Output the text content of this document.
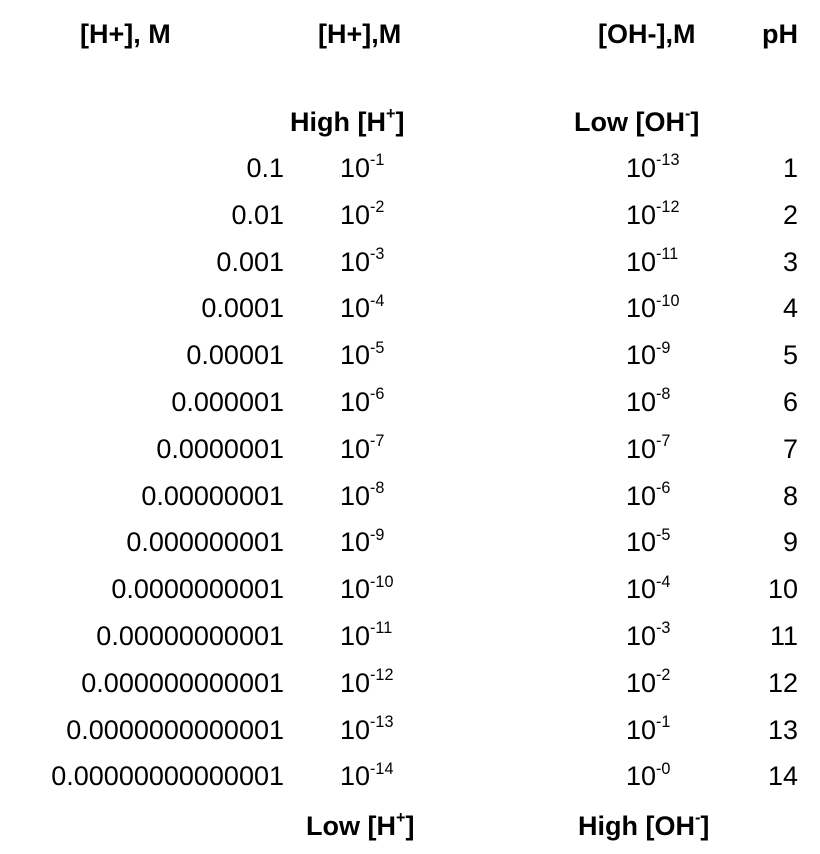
[H+], M	[H+],M	[OH-],M pH
High [H+]	Low [OH-]
0.1 $10^{-1}$	$10^{-13}$	1
0.01 $10^{-2}$	$10^{-12}$	2
0.001 $10^{-3}$	$10^{-11}$	3
0.0001 $10^{-4}$	$10^{-10}$	4
0.00001 $10^{-5}$	$10^{-9}$	5
0.000001 $10^{-6}$	$10^{-8}$	6
0.0000001 $10^{-7}$	$10^{-7}$	7
0.00000001 $10^{-8}$	$10^{-6}$	8
0.000000001 $10^{-9}$	$10^{-5}$	9
0.0000000001 $10^{-10}$	$10^{-4}$	10
0.00000000001 $10^{-11}$	$10^{-3}$	11
0.000000000001 $10^{-12}$	$10^{-2}$	12
0.0000000000001 $10^{-13}$	$10^{-1}$	13
0.00000000000001 $10^{-14}$	$10^{-0}$	14
Low [H+]	High [OH-]
